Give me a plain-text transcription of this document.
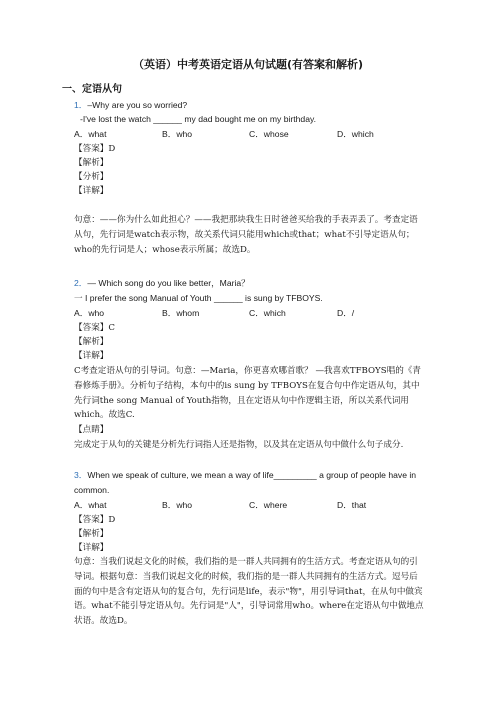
（英语）中考英语定语从句试题(有答案和解析)
一、定语从句
1．–Why are you so worried?
-I've lost the watch ______ my dad bought me on my birthday.
A．what	B．who	C．whose	D．which
【答案】D
【解析】
【分析】
【详解】
句意：——你为什么如此担心？——我把那块我生日时爸爸买给我的手表弄丢了。考查定语从句，先行词是watch表示物，故关系代词只能用which或that；what不引导定语从句；who的先行词是人；whose表示所属；故选D。
2．— Which song do you like better，Maria？
一 I prefer the song Manual of Youth ______ is sung by TFBOYS.
A．who	B．whom	C．which	D．/
【答案】C
【解析】
【详解】
C考查定语从句的引导词。句意：—Maria，你更喜欢哪首歌？ —我喜欢TFBOYS唱的《青春修炼手册》。分析句子结构，本句中的is sung by TFBOYS在复合句中作定语从句，其中先行词the song Manual of Youth指物，且在定语从句中作逻辑主语，所以关系代词用which。故选C.
【点睛】
完成定于从句的关键是分析先行词指人还是指物，以及其在定语从句中做什么句子成分.
3．When we speak of culture, we mean a way of life_________ a group of people have in
common.
A．what	B．who	C．where	D．that
【答案】D
【解析】
【详解】
句意：当我们说起文化的时候，我们指的是一群人共同拥有的生活方式。考查定语从句的引导词。根据句意：当我们说起文化的时候，我们指的是一群人共同拥有的生活方式。逗号后面的句中是含有定语从句的复合句，先行词是life，表示"物"，用引导词that，在从句中做宾语。what不能引导定语从句。先行词是"人"，引导词常用who。where在定语从句中做地点状语。故选D。
